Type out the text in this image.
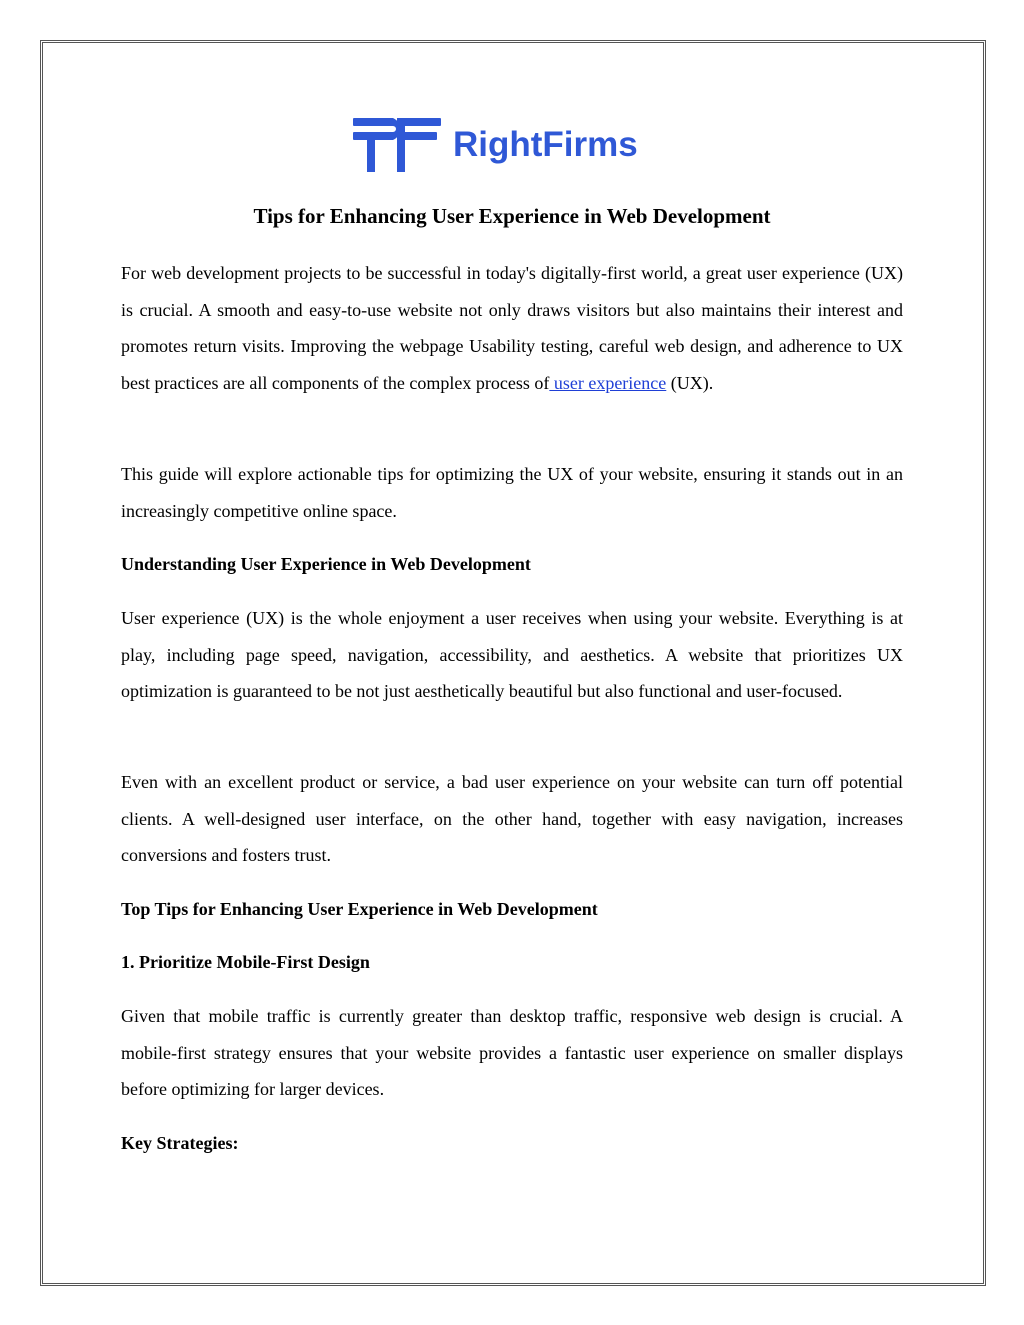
RightFirms
Tips for Enhancing User Experience in Web Development

For web development projects to be successful in today's digitally-first world, a great user experience (UX) is crucial. A smooth and easy-to-use website not only draws visitors but also maintains their interest and promotes return visits. Improving the webpage Usability testing, careful web design, and adherence to UX best practices are all components of the complex process of user experience (UX).

This guide will explore actionable tips for optimizing the UX of your website, ensuring it stands out in an increasingly competitive online space.

Understanding User Experience in Web Development

User experience (UX) is the whole enjoyment a user receives when using your website. Everything is at play, including page speed, navigation, accessibility, and aesthetics. A website that prioritizes UX optimization is guaranteed to be not just aesthetically beautiful but also functional and user-focused.

Even with an excellent product or service, a bad user experience on your website can turn off potential clients. A well-designed user interface, on the other hand, together with easy navigation, increases conversions and fosters trust.

Top Tips for Enhancing User Experience in Web Development
1. Prioritize Mobile-First Design

Given that mobile traffic is currently greater than desktop traffic, responsive web design is crucial. A mobile-first strategy ensures that your website provides a fantastic user experience on smaller displays before optimizing for larger devices.

Key Strategies:
